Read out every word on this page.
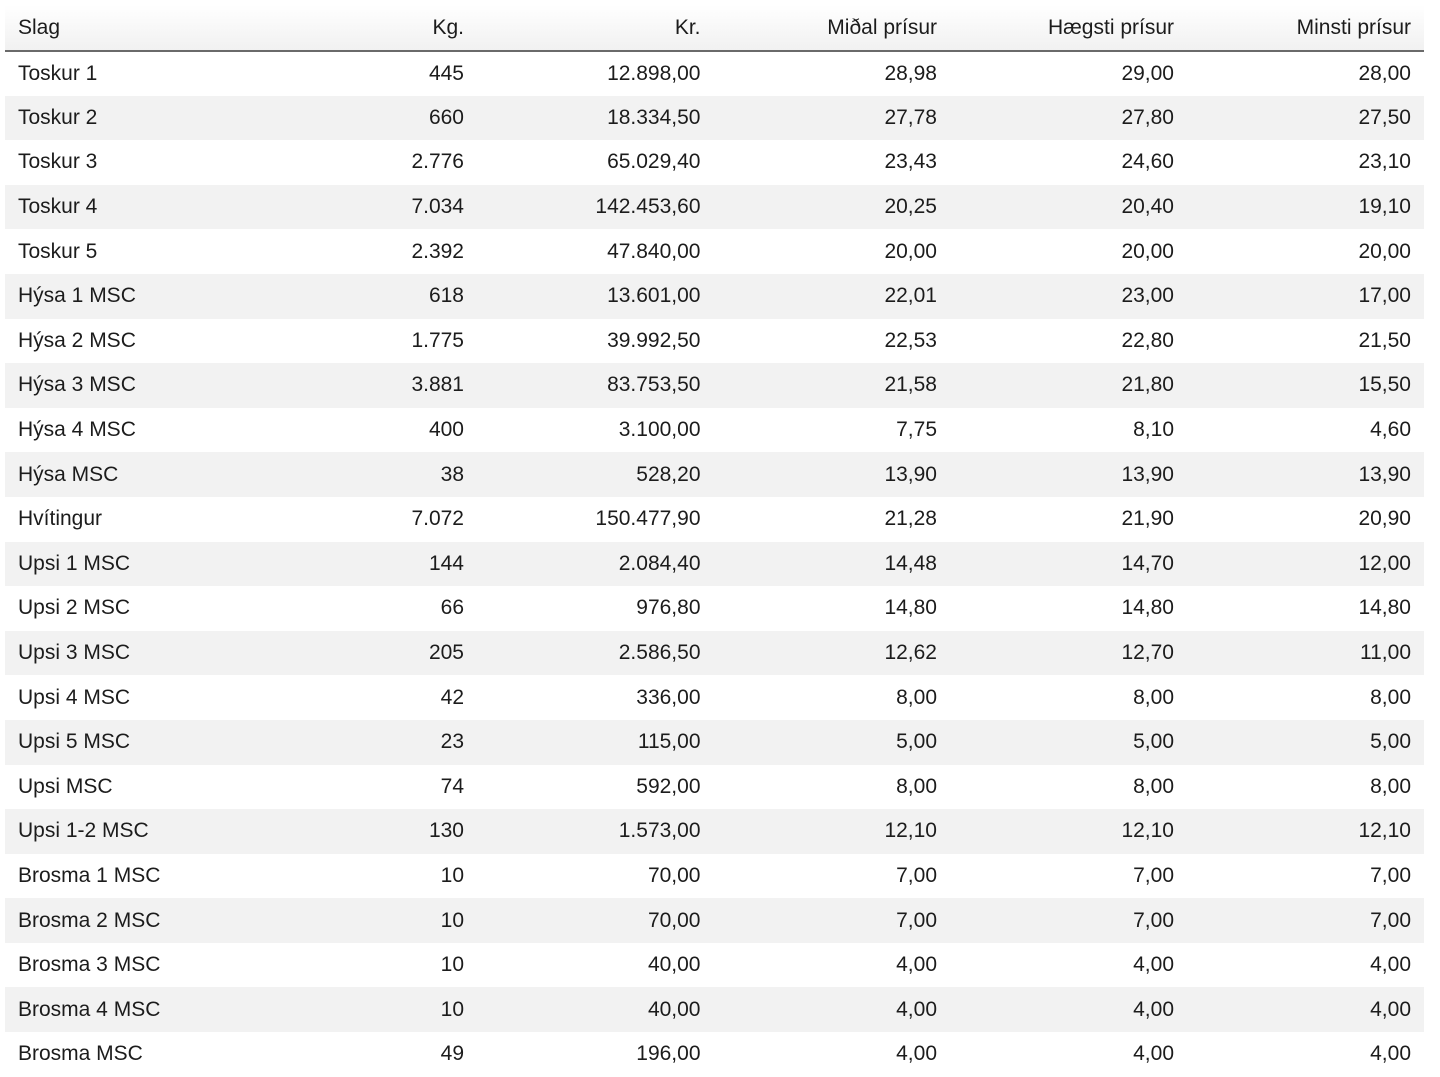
Slag	Kg.	Kr.	Miðal prísur	Hægsti prísur	Minsti prísur
Toskur 1	445	12.898,00	28,98	29,00	28,00
Toskur 2	660	18.334,50	27,78	27,80	27,50
Toskur 3	2.776	65.029,40	23,43	24,60	23,10
Toskur 4	7.034	142.453,60	20,25	20,40	19,10
Toskur 5	2.392	47.840,00	20,00	20,00	20,00
Hýsa 1 MSC	618	13.601,00	22,01	23,00	17,00
Hýsa 2 MSC	1.775	39.992,50	22,53	22,80	21,50
Hýsa 3 MSC	3.881	83.753,50	21,58	21,80	15,50
Hýsa 4 MSC	400	3.100,00	7,75	8,10	4,60
Hýsa MSC	38	528,20	13,90	13,90	13,90
Hvítingur	7.072	150.477,90	21,28	21,90	20,90
Upsi 1 MSC	144	2.084,40	14,48	14,70	12,00
Upsi 2 MSC	66	976,80	14,80	14,80	14,80
Upsi 3 MSC	205	2.586,50	12,62	12,70	11,00
Upsi 4 MSC	42	336,00	8,00	8,00	8,00
Upsi 5 MSC	23	115,00	5,00	5,00	5,00
Upsi MSC	74	592,00	8,00	8,00	8,00
Upsi 1-2 MSC	130	1.573,00	12,10	12,10	12,10
Brosma 1 MSC	10	70,00	7,00	7,00	7,00
Brosma 2 MSC	10	70,00	7,00	7,00	7,00
Brosma 3 MSC	10	40,00	4,00	4,00	4,00
Brosma 4 MSC	10	40,00	4,00	4,00	4,00
Brosma MSC	49	196,00	4,00	4,00	4,00
